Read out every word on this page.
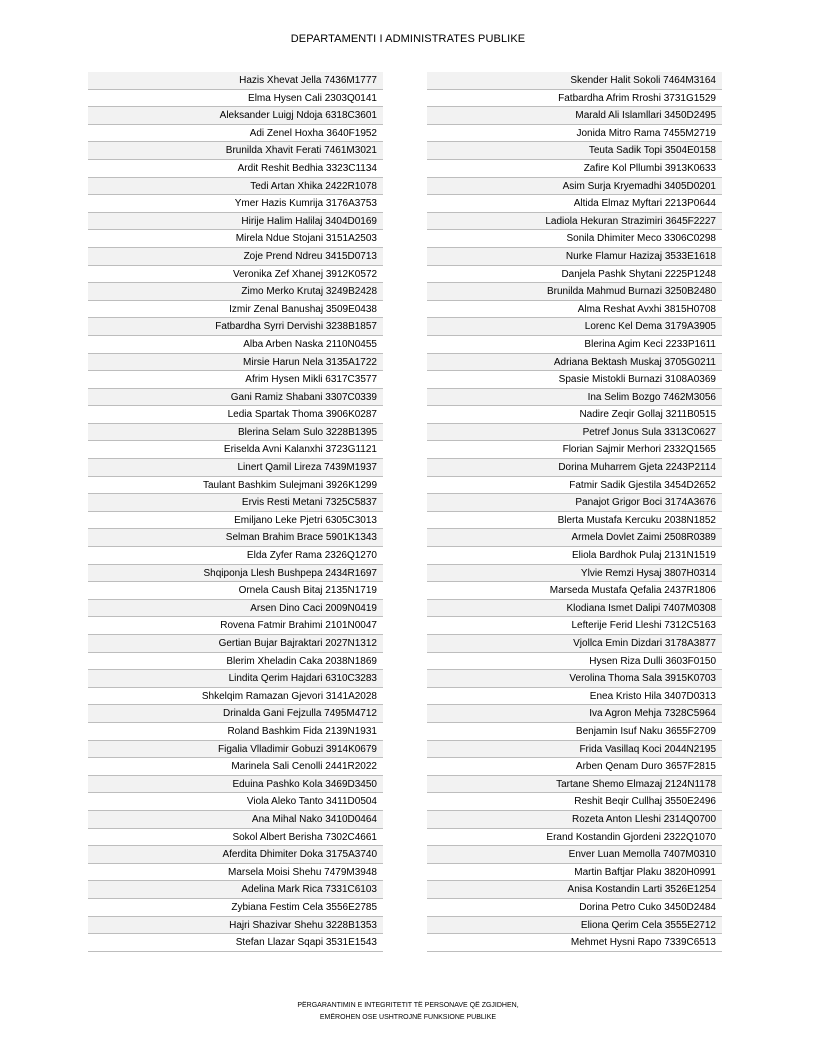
DEPARTAMENTI I ADMINISTRATES PUBLIKE
Hazis Xhevat Jella 7436M1777
Elma Hysen Cali 2303Q0141
Aleksander Luigj Ndoja 6318C3601
Adi Zenel Hoxha 3640F1952
Brunilda Xhavit Ferati 7461M3021
Ardit Reshit Bedhia 3323C1134
Tedi Artan Xhika 2422R1078
Ymer Hazis Kumrija 3176A3753
Hirije Halim Halilaj 3404D0169
Mirela Ndue Stojani 3151A2503
Zoje Prend Ndreu 3415D0713
Veronika Zef Xhanej 3912K0572
Zimo Merko Krutaj 3249B2428
Izmir Zenal Banushaj 3509E0438
Fatbardha Syrri Dervishi 3238B1857
Alba Arben Naska 2110N0455
Mirsie Harun Nela 3135A1722
Afrim Hysen Mikli 6317C3577
Gani Ramiz Shabani 3307C0339
Ledia Spartak Thoma 3906K0287
Blerina Selam Sulo 3228B1395
Eriselda Avni Kalanxhi 3723G1121
Linert Qamil Lireza 7439M1937
Taulant Bashkim Sulejmani 3926K1299
Ervis Resti Metani 7325C5837
Emiljano Leke Pjetri 6305C3013
Selman Brahim Brace 5901K1343
Elda Zyfer Rama 2326Q1270
Shqiponja Llesh Bushpepa 2434R1697
Ornela Caush Bitaj 2135N1719
Arsen Dino Caci 2009N0419
Rovena Fatmir Brahimi 2101N0047
Gertian Bujar Bajraktari 2027N1312
Blerim Xheladin Caka 2038N1869
Lindita Qerim Hajdari 6310C3283
Shkelqim Ramazan Gjevori 3141A2028
Drinalda Gani Fejzulla 7495M4712
Roland Bashkim Fida 2139N1931
Figalia Vlladimir Gobuzi 3914K0679
Marinela Sali Cenolli 2441R2022
Eduina Pashko Kola 3469D3450
Viola Aleko Tanto 3411D0504
Ana Mihal Nako 3410D0464
Sokol Albert Berisha 7302C4661
Aferdita Dhimiter Doka 3175A3740
Marsela Moisi Shehu 7479M3948
Adelina Mark Rica 7331C6103
Zybiana Festim Cela 3556E2785
Hajri Shazivar Shehu 3228B1353
Stefan Llazar Sqapi 3531E1543
Skender Halit Sokoli 7464M3164
Fatbardha Afrim Rroshi 3731G1529
Marald Ali Islamllari 3450D2495
Jonida Mitro Rama 7455M2719
Teuta Sadik Topi 3504E0158
Zafire Kol Pllumbi 3913K0633
Asim Surja Kryemadhi 3405D0201
Altida Elmaz Myftari 2213P0644
Ladiola Hekuran Strazimiri 3645F2227
Sonila Dhimiter Meco 3306C0298
Nurke Flamur Hazizaj 3533E1618
Danjela Pashk Shytani 2225P1248
Brunilda Mahmud Burnazi 3250B2480
Alma Reshat Avxhi 3815H0708
Lorenc Kel Dema 3179A3905
Blerina Agim Keci 2233P1611
Adriana Bektash Muskaj 3705G0211
Spasie Mistokli Burnazi 3108A0369
Ina Selim Bozgo 7462M3056
Nadire Zeqir Gollaj 3211B0515
Petref Jonus Sula 3313C0627
Florian Sajmir Merhori 2332Q1565
Dorina Muharrem Gjeta 2243P2114
Fatmir Sadik Gjestila 3454D2652
Panajot Grigor Boci 3174A3676
Blerta Mustafa Kercuku 2038N1852
Armela Dovlet Zaimi 2508R0389
Eliola Bardhok Pulaj 2131N1519
Ylvie Remzi Hysaj 3807H0314
Marseda Mustafa Qefalia 2437R1806
Klodiana Ismet Dalipi 7407M0308
Lefterije Ferid Lleshi 7312C5163
Vjollca Emin Dizdari 3178A3877
Hysen Riza Dulli 3603F0150
Verolina Thoma Sala 3915K0703
Enea Kristo Hila 3407D0313
Iva Agron Mehja 7328C5964
Benjamin Isuf Naku 3655F2709
Frida Vasillaq Koci 2044N2195
Arben Qenam Duro 3657F2815
Tartane Shemo Elmazaj 2124N1178
Reshit Beqir Cullhaj 3550E2496
Rozeta Anton Lleshi 2314Q0700
Erand Kostandin Gjordeni 2322Q1070
Enver Luan Memolla 7407M0310
Martin Baftjar Plaku 3820H0991
Anisa Kostandin Larti 3526E1254
Dorina Petro Cuko 3450D2484
Eliona Qerim Cela 3555E2712
Mehmet Hysni Rapo 7339C6513
PËRGARANTIMIN E INTEGRITETIT TË PERSONAVE QË ZGJIDHEN,
EMËROHEN OSE USHTROJNË FUNKSIONE PUBLIKE
